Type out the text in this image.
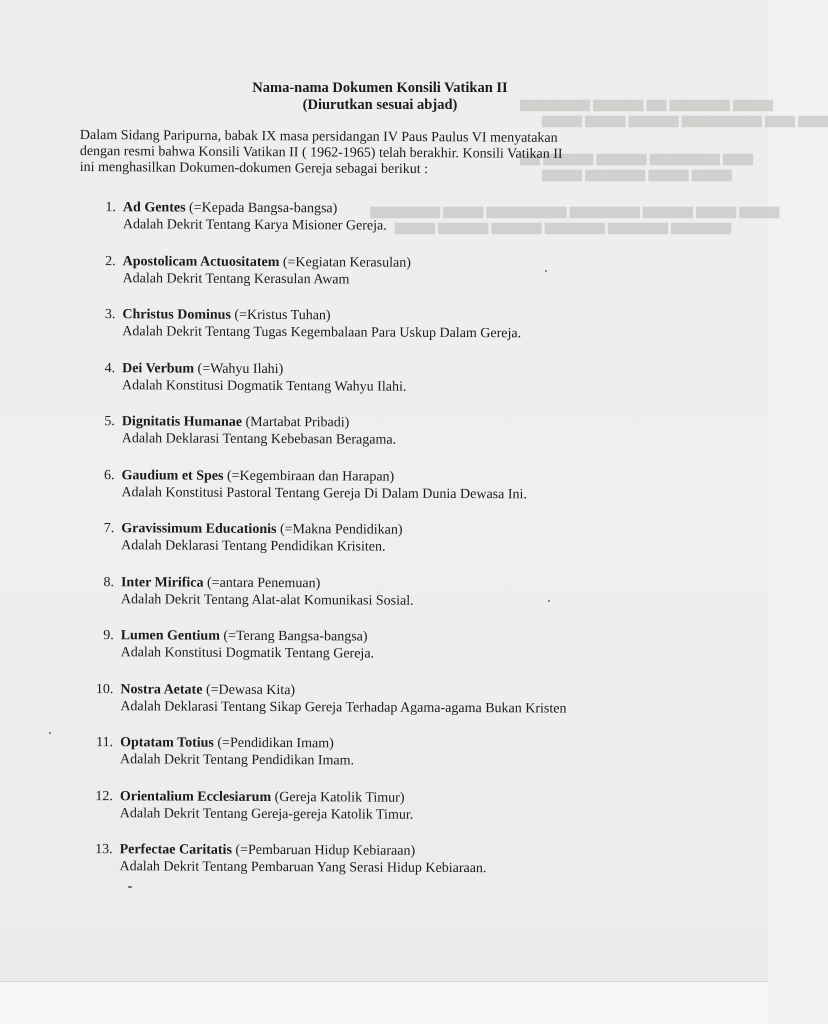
▆▆▆▆▆▆▆ ▆▆▆▆▆ ▆▆ ▆▆▆▆▆▆ ▆▆▆▆
▆▆▆▆ ▆▆▆▆ ▆▆▆▆▆ ▆▆▆▆▆▆▆▆ ▆▆▆ ▆▆▆
▆▆ ▆▆▆▆▆ ▆▆▆▆▆ ▆▆▆▆▆▆▆ ▆▆▆
▆▆▆▆ ▆▆▆▆▆▆ ▆▆▆▆ ▆▆▆▆
▆▆▆▆▆▆▆ ▆▆▆▆ ▆▆▆▆▆▆▆▆ ▆▆▆▆▆▆▆ ▆▆▆▆▆ ▆▆▆▆ ▆▆▆▆
▆▆▆▆ ▆▆▆▆▆ ▆▆▆▆▆ ▆▆▆▆▆▆ ▆▆▆▆▆▆ ▆▆▆▆▆▆
Nama-nama Dokumen Konsili Vatikan II
(Diurutkan sesuai abjad)
Dalam Sidang Paripurna, babak IX masa persidangan IV Paus Paulus VI menyatakan
dengan resmi bahwa Konsili Vatikan II ( 1962-1965) telah berakhir. Konsili Vatikan II
ini menghasilkan Dokumen-dokumen Gereja sebagai berikut :
1. Ad Gentes (=Kepada Bangsa-bangsa)
Adalah Dekrit Tentang Karya Misioner Gereja.
2. Apostolicam Actuositatem (=Kegiatan Kerasulan)
Adalah Dekrit Tentang Kerasulan Awam
3. Christus Dominus (=Kristus Tuhan)
Adalah Dekrit Tentang Tugas Kegembalaan Para Uskup Dalam Gereja.
4. Dei Verbum (=Wahyu Ilahi)
Adalah Konstitusi Dogmatik Tentang Wahyu Ilahi.
5. Dignitatis Humanae (Martabat Pribadi)
Adalah Deklarasi Tentang Kebebasan Beragama.
6. Gaudium et Spes (=Kegembiraan dan Harapan)
Adalah Konstitusi Pastoral Tentang Gereja Di Dalam Dunia Dewasa Ini.
7. Gravissimum Educationis (=Makna Pendidikan)
Adalah Deklarasi Tentang Pendidikan Krisiten.
8. Inter Mirifica (=antara Penemuan)
Adalah Dekrit Tentang Alat-alat Komunikasi Sosial.
9. Lumen Gentium (=Terang Bangsa-bangsa)
Adalah Konstitusi Dogmatik Tentang Gereja.
10. Nostra Aetate (=Dewasa Kita)
Adalah Deklarasi Tentang Sikap Gereja Terhadap Agama-agama Bukan Kristen
11. Optatam Totius (=Pendidikan Imam)
Adalah Dekrit Tentang Pendidikan Imam.
12. Orientalium Ecclesiarum (Gereja Katolik Timur)
Adalah Dekrit Tentang Gereja-gereja Katolik Timur.
13. Perfectae Caritatis (=Pembaruan Hidup Kebiaraan)
Adalah Dekrit Tentang Pembaruan Yang Serasi Hidup Kebiaraan.
